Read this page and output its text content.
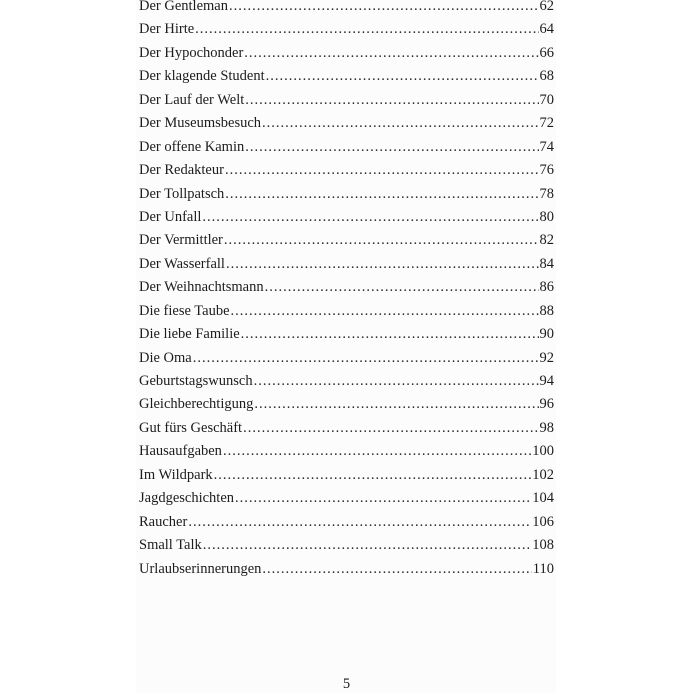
Der Gentleman .....	62
Der Hirte .....	64
Der Hypochonder .....	66
Der klagende Student .....	68
Der Lauf der Welt .....	70
Der Museumsbesuch .....	72
Der offene Kamin .....	74
Der Redakteur .....	76
Der Tollpatsch .....	78
Der Unfall .....	80
Der Vermittler .....	82
Der Wasserfall .....	84
Der Weihnachtsmann .....	86
Die fiese Taube .....	88
Die liebe Familie .....	90
Die Oma .....	92
Geburtstagswunsch .....	94
Gleichberechtigung .....	96
Gut fürs Geschäft .....	98
Hausaufgaben .....	100
Im Wildpark .....	102
Jagdgeschichten .....	104
Raucher .....	106
Small Talk .....	108
Urlaubserinnerungen .....	110
5
